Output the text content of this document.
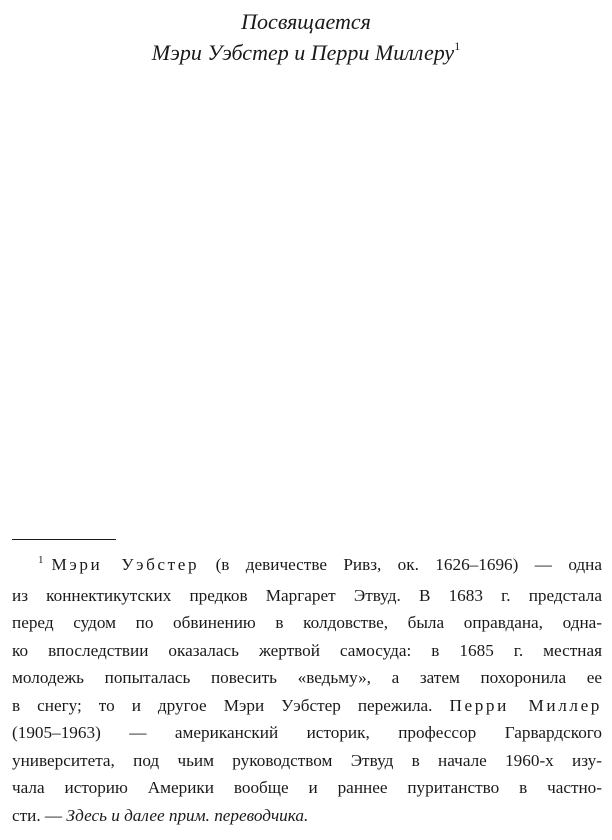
Посвящается
Мэри Уэбстер и Перри Миллеру$^1$
$^1$ Мэри Уэбстер (в девичестве Ривз, ок. 1626–1696) — одна
из коннектикутских предков Маргарет Этвуд. В 1683 г. предстала
перед судом по обвинению в колдовстве, была оправдана, одна-
ко впоследствии оказалась жертвой самосуда: в 1685 г. местная
молодежь попыталась повесить «ведьму», а затем похоронила ее
в снегу; то и другое Мэри Уэбстер пережила. Перри Миллер
(1905–1963) — американский историк, профессор Гарвардского
университета, под чьим руководством Этвуд в начале 1960-х изу-
чала историю Америки вообще и раннее пуританство в частно-
сти. — Здесь и далее прим. переводчика.
